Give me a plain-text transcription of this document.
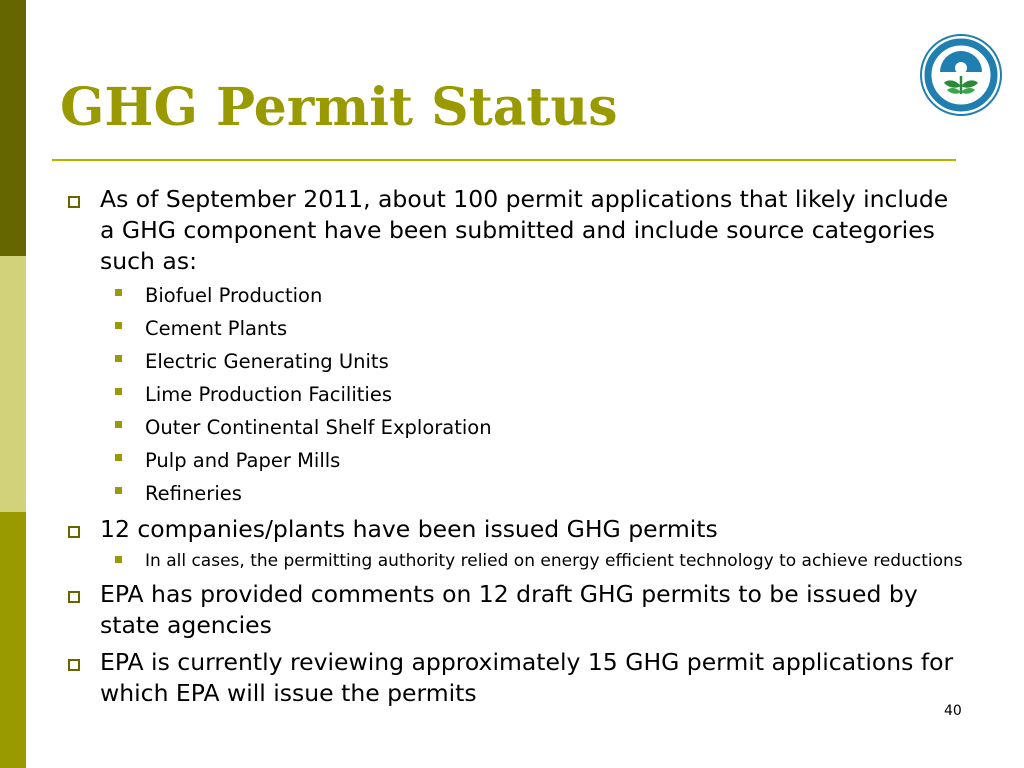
GHG Permit Status
As of September 2011, about 100 permit applications that likely include a GHG component have been submitted and include source categories such as:
Biofuel Production
Cement Plants
Electric Generating Units
Lime Production Facilities
Outer Continental Shelf Exploration
Pulp and Paper Mills
Refineries
12 companies/plants have been issued GHG permits
In all cases, the permitting authority relied on energy efficient technology to achieve reductions
EPA has provided comments on 12 draft GHG permits to be issued by state agencies
EPA is currently reviewing approximately 15 GHG permit applications for which EPA will issue the permits
40
